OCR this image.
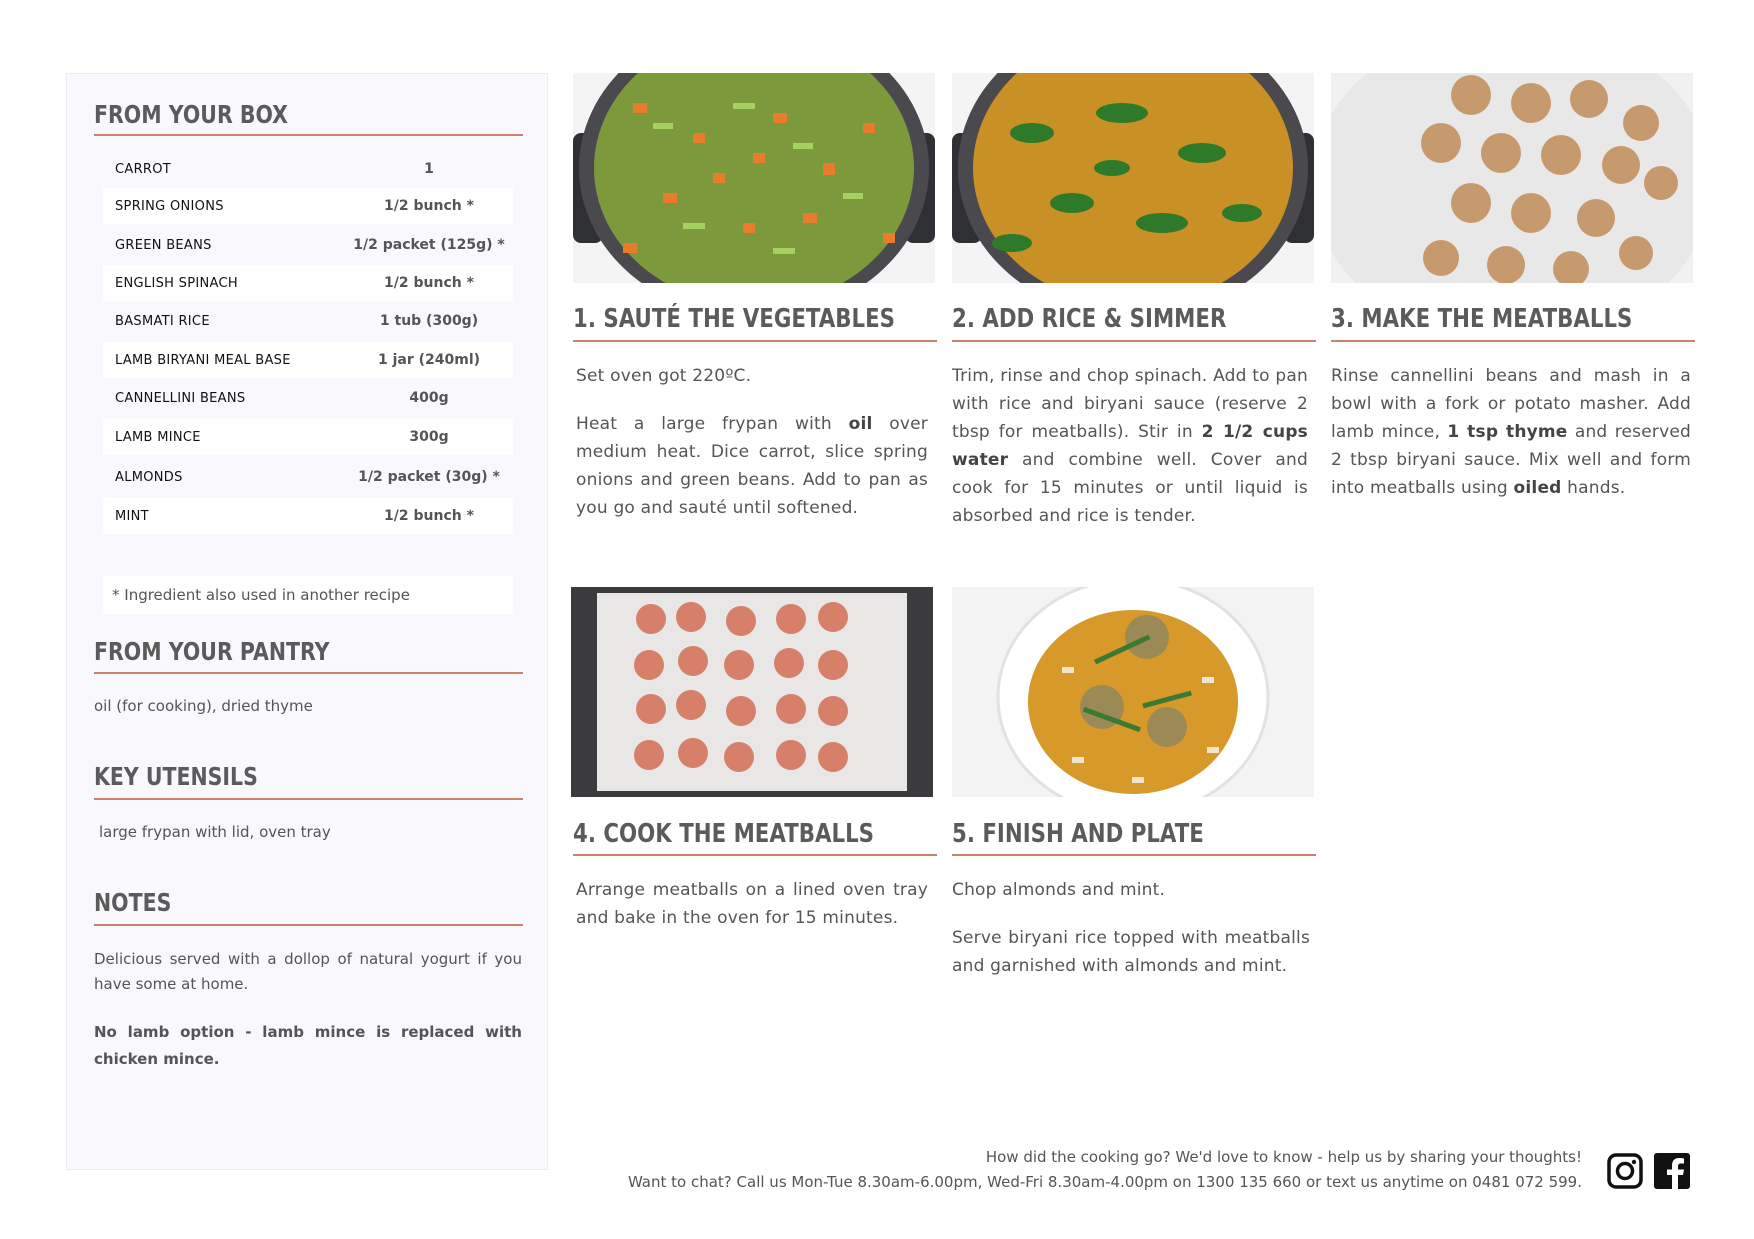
FROM YOUR BOX
CARROT	1
SPRING ONIONS	1/2 bunch *
GREEN BEANS	1/2 packet (125g) *
ENGLISH SPINACH	1/2 bunch *
BASMATI RICE	1 tub (300g)
LAMB BIRYANI MEAL BASE	1 jar (240ml)
CANNELLINI BEANS	400g
LAMB MINCE	300g
ALMONDS	1/2 packet (30g) *
MINT	1/2 bunch *
* Ingredient also used in another recipe
FROM YOUR PANTRY
oil (for cooking), dried thyme
KEY UTENSILS
large frypan with lid, oven tray
NOTES
Delicious served with a dollop of natural yogurt if you have some at home.
No lamb option - lamb mince is replaced with chicken mince.
1. SAUTÉ THE VEGETABLES

Set oven got 220ºC.

Heat a large frypan with oil over medium heat. Dice carrot, slice spring onions and green beans. Add to pan as you go and sauté until softened.

2. ADD RICE & SIMMER

Trim, rinse and chop spinach. Add to pan with rice and biryani sauce (reserve 2 tbsp for meatballs). Stir in 2 1/2 cups water and combine well. Cover and cook for 15 minutes or until liquid is absorbed and rice is tender.

3. MAKE THE MEATBALLS

Rinse cannellini beans and mash in a bowl with a fork or potato masher. Add lamb mince, 1 tsp thyme and reserved 2 tbsp biryani sauce. Mix well and form into meatballs using oiled hands.

4. COOK THE MEATBALLS

Arrange meatballs on a lined oven tray and bake in the oven for 15 minutes.

5. FINISH AND PLATE

Chop almonds and mint.

Serve biryani rice topped with meatballs and garnished with almonds and mint.

How did the cooking go? We'd love to know - help us by sharing your thoughts!
Want to chat? Call us Mon-Tue 8.30am-6.00pm, Wed-Fri 8.30am-4.00pm on 1300 135 660 or text us anytime on 0481 072 599.
